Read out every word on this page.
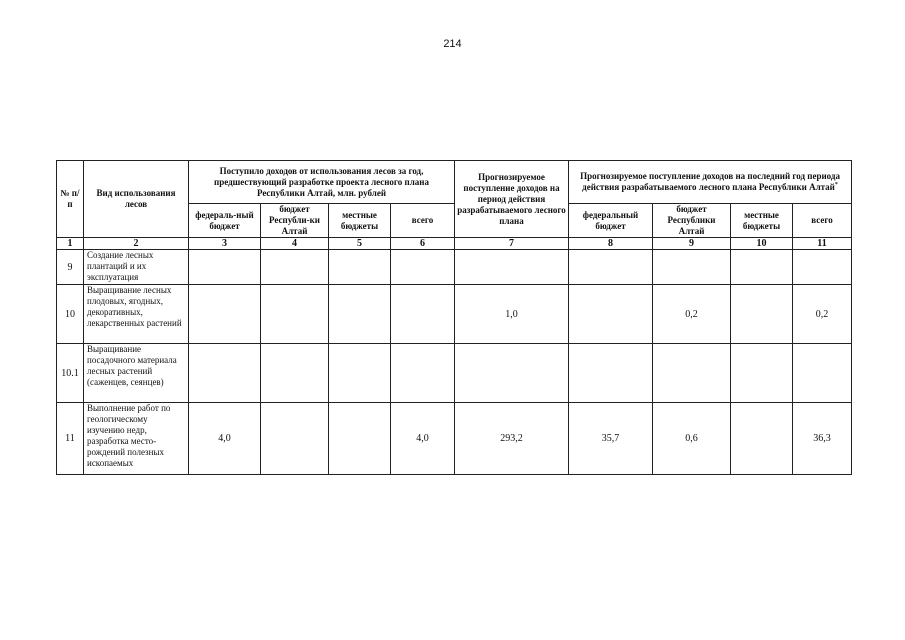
214
№ п/п	Вид использования лесов	Поступило доходов от использования лесов за год, предшествующий разработке проекта лесного плана Республики Алтай, млн. рублей				Прогнозируемое поступление доходов на период действия разрабатываемого лесного плана	Прогнозируемое поступление доходов на последний год периода действия разрабатываемого лесного плана Республики Алтай*
		федераль-ный бюджет	бюджет Республи-ки Алтай	местные бюджеты	всего		федеральный бюджет	бюджет Республики Алтай	местные бюджеты	всего
1	2	3	4	5	6	7	8	9	10	11
9	Создание лесных плантаций и их эксплуатация									
10	Выращивание лесных плодовых, ягодных, декоративных, лекарственных растений					1,0		0,2		0,2
10.1	Выращивание посадочного материала лесных растений (саженцев, сеянцев)									
11	Выполнение работ по геологическому изучению недр, разработка место-рождений полезных ископаемых	4,0			4,0	293,2	35,7	0,6		36,3
